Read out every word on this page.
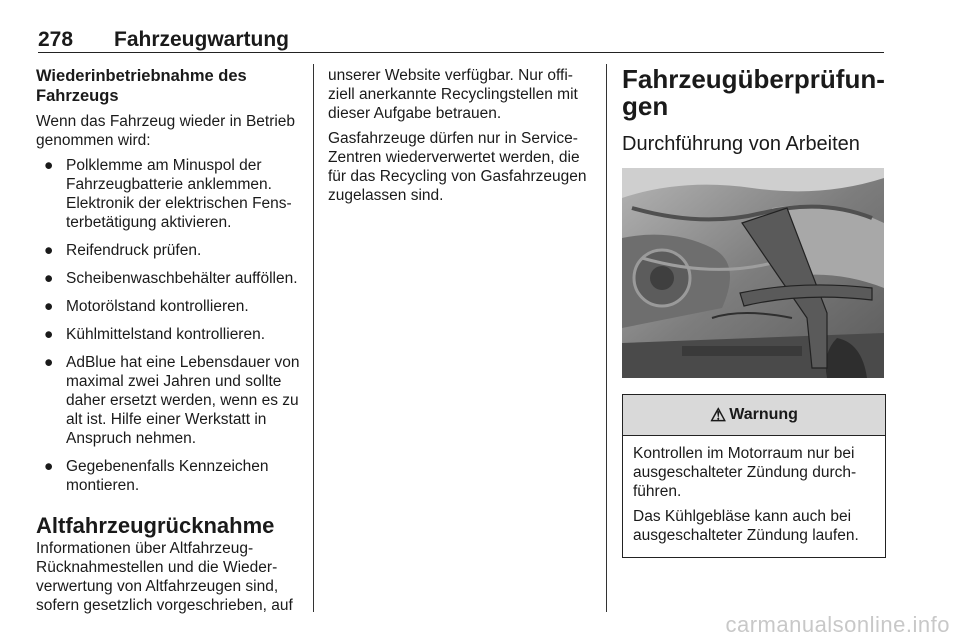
278 Fahrzeugwartung
Wiederinbetriebnahme des Fahrzeugs

Wenn das Fahrzeug wieder in Betrieb genommen wird:

● Polklemme am Minuspol der Fahrzeugbatterie anklemmen. Elektronik der elektrischen Fensterbetätigung aktivieren.
● Reifendruck prüfen.
● Scheibenwaschbehälter aufföllen.
● Motorölstand kontrollieren.
● Kühlmittelstand kontrollieren.
● AdBlue hat eine Lebensdauer von maximal zwei Jahren und sollte daher ersetzt werden, wenn es zu alt ist. Hilfe einer Werkstatt in Anspruch nehmen.
● Gegebenenfalls Kennzeichen montieren.
Altfahrzeugrücknahme

Informationen über Altfahrzeug-Rücknahmestellen und die Wiederverwertung von Altfahrzeugen sind, sofern gesetzlich vorgeschrieben, auf

unserer Website verfügbar. Nur offiziell anerkannte Recyclingstellen mit dieser Aufgabe betrauen.

Gasfahrzeuge dürfen nur in Service-Zentren wiederverwertet werden, die für das Recycling von Gasfahrzeugen zugelassen sind.

Fahrzeugüberprüfungen
Durchführung von Arbeiten
⚠ Warnung

Kontrollen im Motorraum nur bei ausgeschalteter Zündung durchführen.

Das Kühlgebläse kann auch bei ausgeschalteter Zündung laufen.

carmanualsonline.info
